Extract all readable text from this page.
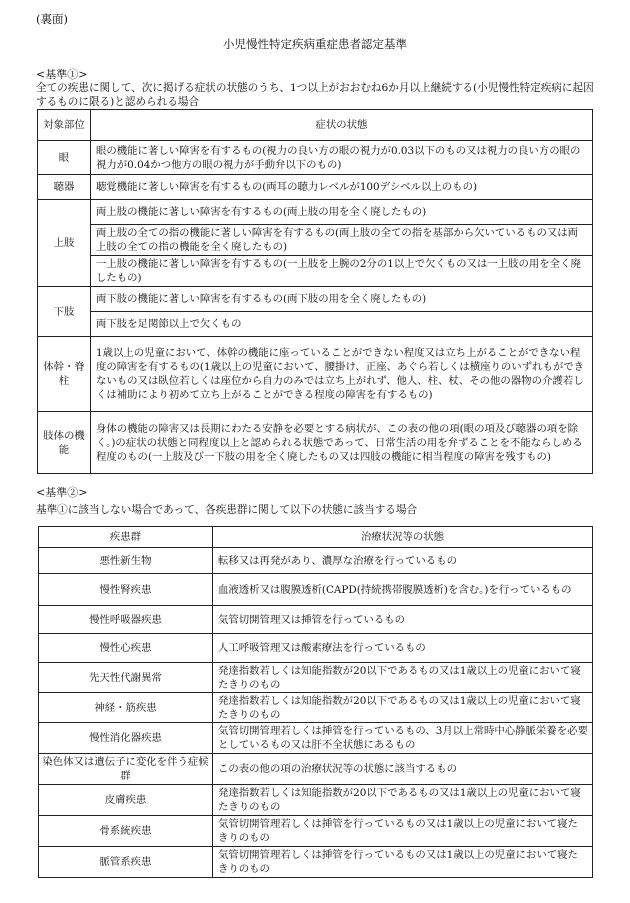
(裏面)
小児慢性特定疾病重症患者認定基準
<基準①>
全ての疾患に関して、次に掲げる症状の状態のうち、1つ以上がおおむね6か月以上継続する(小児慢性特定疾病に起因するものに限る)と認められる場合
対象部位	症状の状態
眼	眼の機能に著しい障害を有するもの(視力の良い方の眼の視力が0.03以下のもの又は視力の良い方の眼の視力が0.04かつ他方の眼の視力が手動弁以下のもの)
聴器	聴覚機能に著しい障害を有するもの(両耳の聴力レベルが100デシベル以上のもの)
上肢	両上肢の機能に著しい障害を有するもの(両上肢の用を全く廃したもの)
	両上肢の全ての指の機能に著しい障害を有するもの(両上肢の全ての指を基部から欠いているもの又は両上肢の全ての指の機能を全く廃したもの)
	一上肢の機能に著しい障害を有するもの(一上肢を上腕の2分の1以上で欠くもの又は一上肢の用を全く廃したもの)
下肢	両下肢の機能に著しい障害を有するもの(両下肢の用を全く廃したもの)
	両下肢を足関節以上で欠くもの
体幹・脊柱	1歳以上の児童において、体幹の機能に座っていることができない程度又は立ち上がることができない程度の障害を有するもの(1歳以上の児童において、腰掛け、正座、あぐら若しくは横座りのいずれもができないもの又は臥位若しくは座位から自力のみでは立ち上がれず、他人、柱、杖、その他の器物の介護若しくは補助により初めて立ち上がることができる程度の障害を有するもの)
肢体の機能	身体の機能の障害又は長期にわたる安静を必要とする病状が、この表の他の項(眼の項及び聴器の項を除く。)の症状の状態と同程度以上と認められる状態であって、日常生活の用を弁ずることを不能ならしめる程度のもの(一上肢及び一下肢の用を全く廃したもの又は四肢の機能に相当程度の障害を残すもの)
<基準②>
基準①に該当しない場合であって、各疾患群に関して以下の状態に該当する場合
疾患群	治療状況等の状態
悪性新生物	転移又は再発があり、濃厚な治療を行っているもの
慢性腎疾患	血液透析又は腹膜透析(CAPD(持続携帯腹膜透析)を含む。)を行っているもの
慢性呼吸器疾患	気管切開管理又は挿管を行っているもの
慢性心疾患	人工呼吸管理又は酸素療法を行っているもの
先天性代謝異常	発達指数若しくは知能指数が20以下であるもの又は1歳以上の児童において寝たきりのもの
神経・筋疾患	発達指数若しくは知能指数が20以下であるもの又は1歳以上の児童において寝たきりのもの
慢性消化器疾患	気管切開管理若しくは挿管を行っているもの、3月以上常時中心静脈栄養を必要としているもの又は肝不全状態にあるもの
染色体又は遺伝子に変化を伴う症候群	この表の他の項の治療状況等の状態に該当するもの
皮膚疾患	発達指数若しくは知能指数が20以下であるもの又は1歳以上の児童において寝たきりのもの
骨系統疾患	気管切開管理若しくは挿管を行っているもの又は1歳以上の児童において寝たきりのもの
脈管系疾患	気管切開管理若しくは挿管を行っているもの又は1歳以上の児童において寝たきりのもの
